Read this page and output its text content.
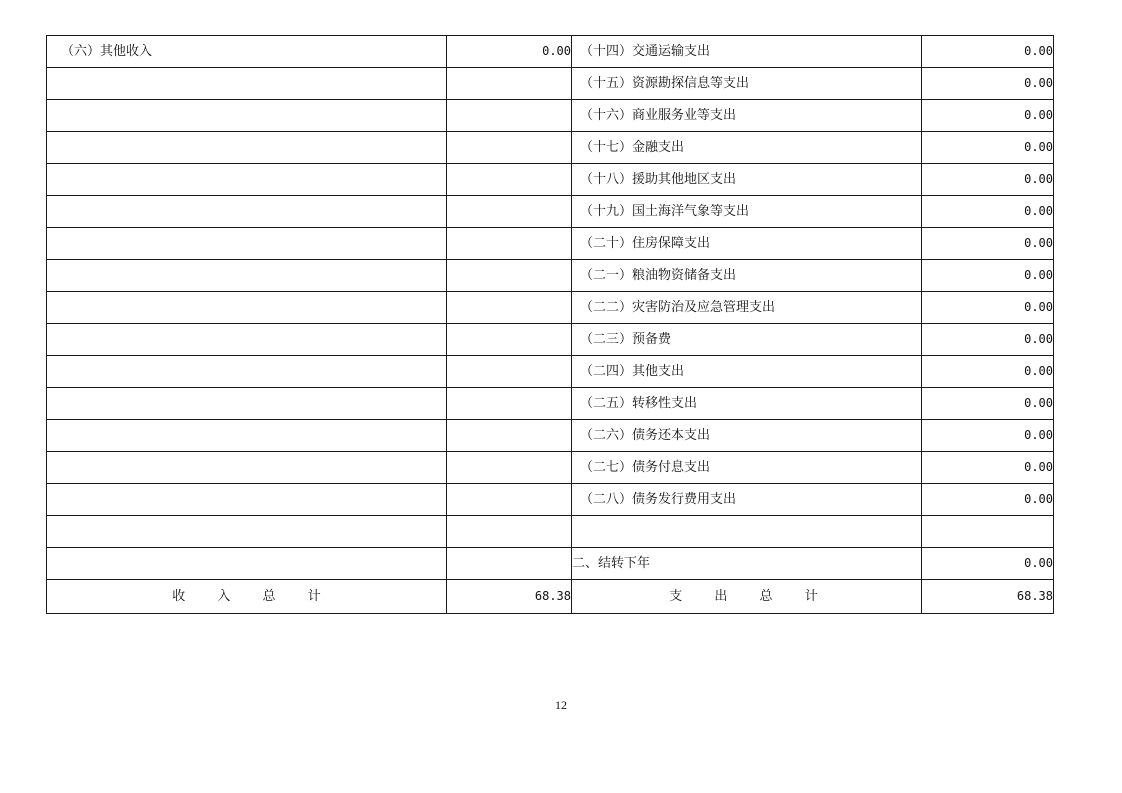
（六）其他收入	0.00	（十四）交通运输支出	0.00
		（十五）资源勘探信息等支出	0.00
		（十六）商业服务业等支出	0.00
		（十七）金融支出	0.00
		（十八）援助其他地区支出	0.00
		（十九）国土海洋气象等支出	0.00
		（二十）住房保障支出	0.00
		（二一）粮油物资储备支出	0.00
		（二二）灾害防治及应急管理支出	0.00
		（二三）预备费	0.00
		（二四）其他支出	0.00
		（二五）转移性支出	0.00
		（二六）债务还本支出	0.00
		（二七）债务付息支出	0.00
		（二八）债务发行费用支出	0.00

		二、结转下年	0.00
收 入 总 计	68.38	支 出 总 计	68.38
12
